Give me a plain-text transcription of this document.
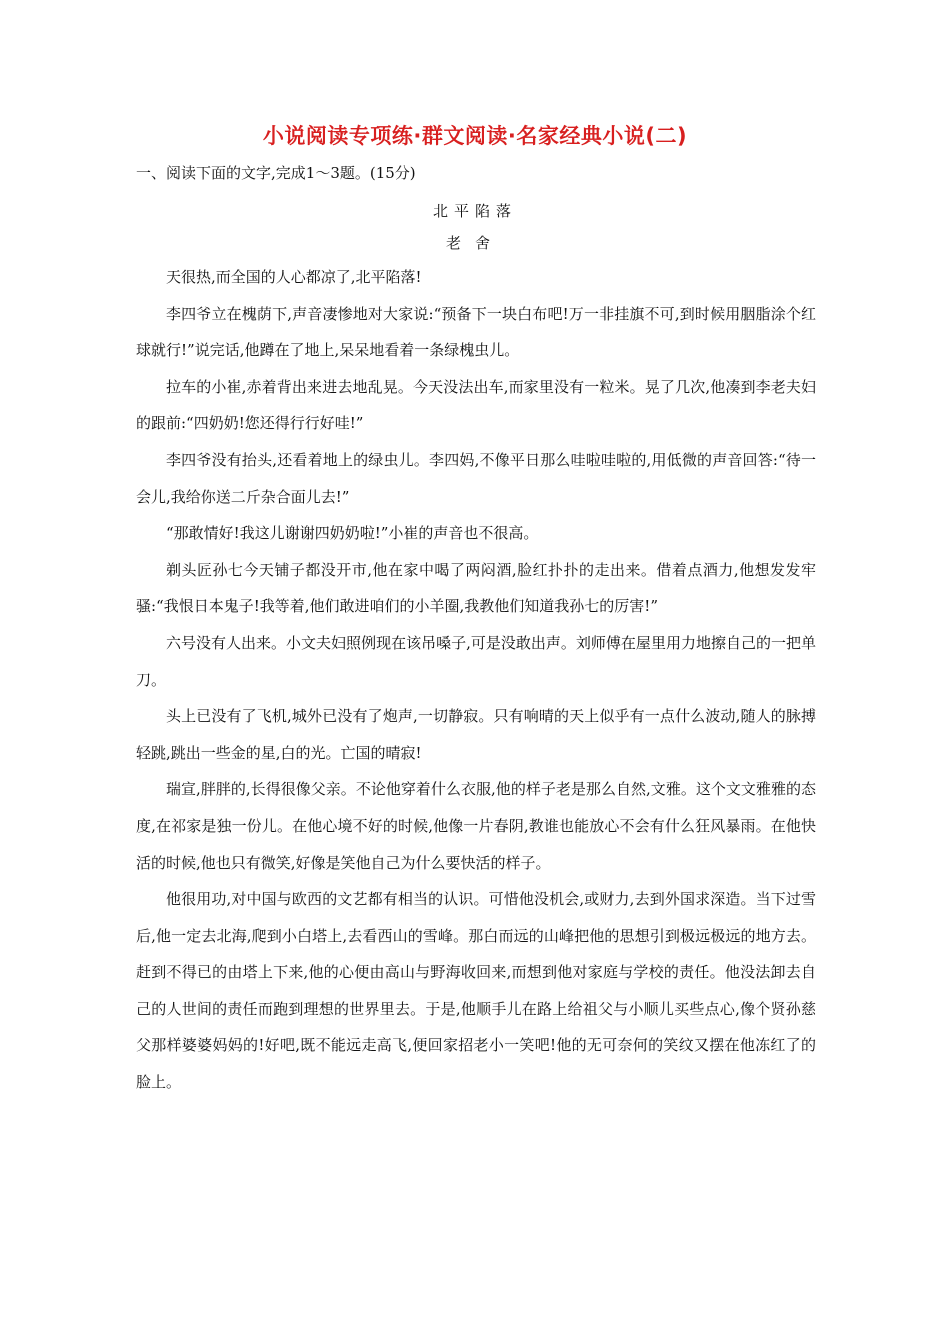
小说阅读专项练·群文阅读·名家经典小说(二)
一、阅读下面的文字,完成1～3题。(15分)
北平陷落
老舍

天很热,而全国的人心都凉了,北平陷落!

李四爷立在槐荫下,声音凄惨地对大家说:“预备下一块白布吧!万一非挂旗不可,到时候用胭脂涂个红球就行!”说完话,他蹲在了地上,呆呆地看着一条绿槐虫儿。

拉车的小崔,赤着背出来进去地乱晃。今天没法出车,而家里没有一粒米。晃了几次,他凑到李老夫妇的跟前:“四奶奶!您还得行行好哇!”

李四爷没有抬头,还看着地上的绿虫儿。李四妈,不像平日那么哇啦哇啦的,用低微的声音回答:“待一会儿,我给你送二斤杂合面儿去!”

“那敢情好!我这儿谢谢四奶奶啦!”小崔的声音也不很高。

剃头匠孙七今天铺子都没开市,他在家中喝了两闷酒,脸红扑扑的走出来。借着点酒力,他想发发牢骚:“我恨日本鬼子!我等着,他们敢进咱们的小羊圈,我教他们知道我孙七的厉害!”

六号没有人出来。小文夫妇照例现在该吊嗓子,可是没敢出声。刘师傅在屋里用力地擦自己的一把单刀。

头上已没有了飞机,城外已没有了炮声,一切静寂。只有响晴的天上似乎有一点什么波动,随人的脉搏轻跳,跳出一些金的星,白的光。亡国的晴寂!

瑞宣,胖胖的,长得很像父亲。不论他穿着什么衣服,他的样子老是那么自然,文雅。这个文文雅雅的态度,在祁家是独一份儿。在他心境不好的时候,他像一片春阴,教谁也能放心不会有什么狂风暴雨。在他快活的时候,他也只有微笑,好像是笑他自己为什么要快活的样子。

他很用功,对中国与欧西的文艺都有相当的认识。可惜他没机会,或财力,去到外国求深造。当下过雪后,他一定去北海,爬到小白塔上,去看西山的雪峰。那白而远的山峰把他的思想引到极远极远的地方去。赶到不得已的由塔上下来,他的心便由高山与野海收回来,而想到他对家庭与学校的责任。他没法卸去自己的人世间的责任而跑到理想的世界里去。于是,他顺手儿在路上给祖父与小顺儿买些点心,像个贤孙慈父那样婆婆妈妈的!好吧,既不能远走高飞,便回家招老小一笑吧!他的无可奈何的笑纹又摆在他冻红了的脸上。
